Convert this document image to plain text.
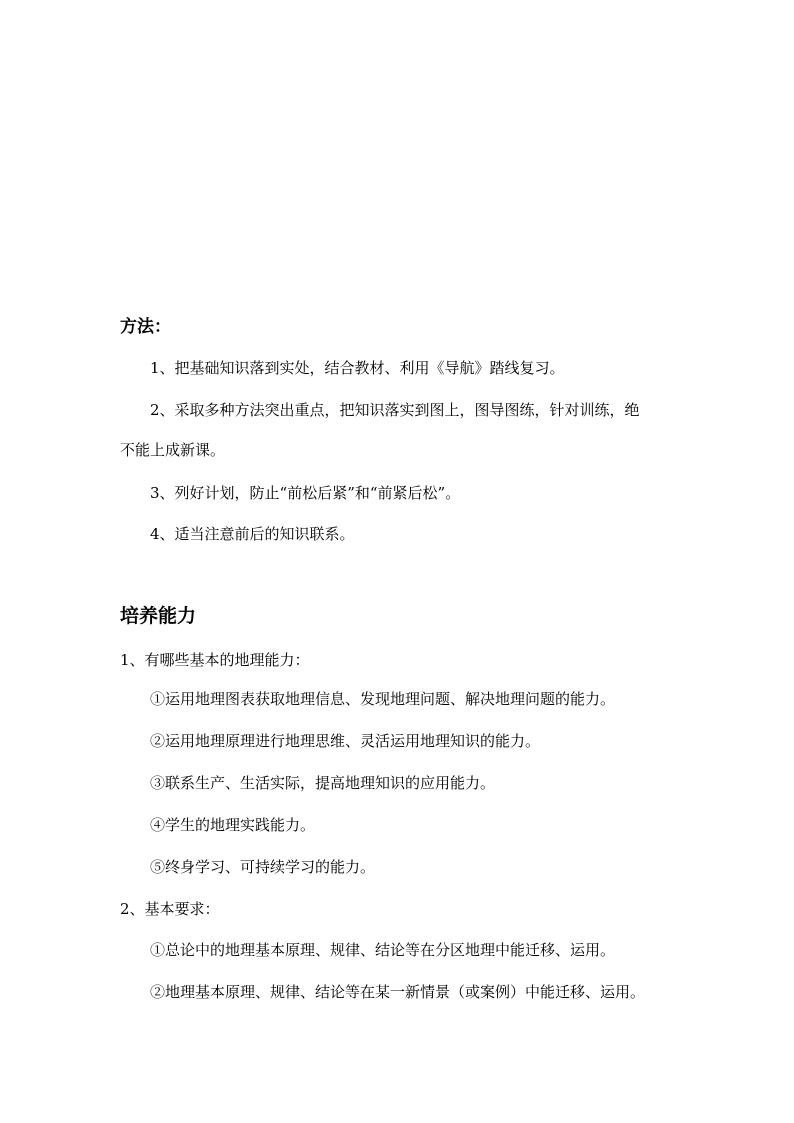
方法：
1、把基础知识落到实处，结合教材、利用《导航》踏线复习。
2、采取多种方法突出重点，把知识落实到图上，图导图练，针对训练，绝
不能上成新课。
3、列好计划，防止“前松后紧”和“前紧后松”。
4、适当注意前后的知识联系。
培养能力
1、有哪些基本的地理能力：
①运用地理图表获取地理信息、发现地理问题、解决地理问题的能力。
②运用地理原理进行地理思维、灵活运用地理知识的能力。
③联系生产、生活实际，提高地理知识的应用能力。
④学生的地理实践能力。
⑤终身学习、可持续学习的能力。
2、基本要求：
①总论中的地理基本原理、规律、结论等在分区地理中能迁移、运用。
②地理基本原理、规律、结论等在某一新情景（或案例）中能迁移、运用。
